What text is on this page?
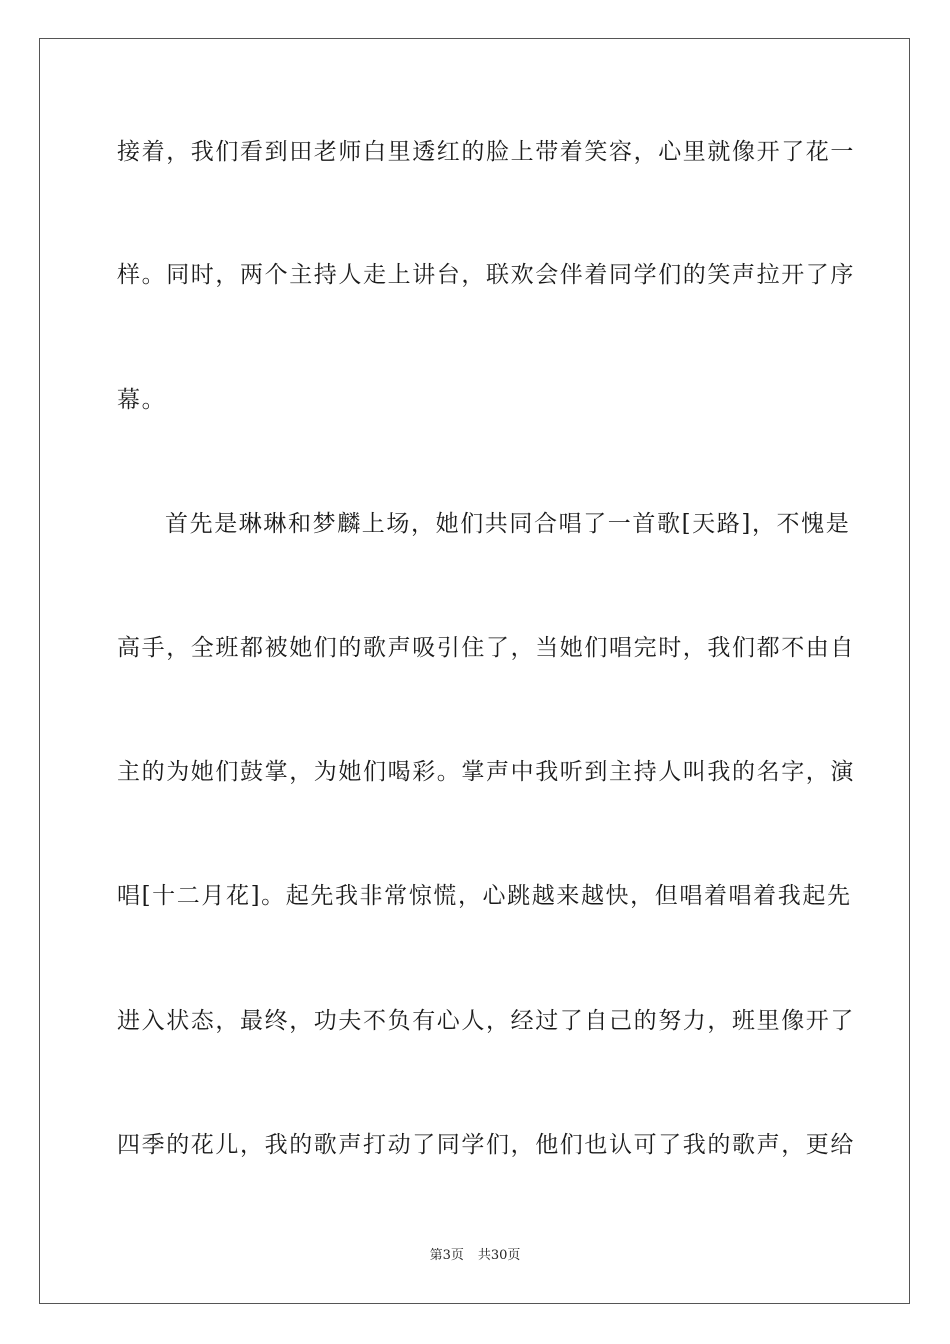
接着，我们看到田老师白里透红的脸上带着笑容，心里就像开了花一
样。同时，两个主持人走上讲台，联欢会伴着同学们的笑声拉开了序
幕。
首先是琳琳和梦麟上场，她们共同合唱了一首歌[天路]，不愧是
高手，全班都被她们的歌声吸引住了，当她们唱完时，我们都不由自
主的为她们鼓掌，为她们喝彩。掌声中我听到主持人叫我的名字，演
唱[十二月花]。起先我非常惊慌，心跳越来越快，但唱着唱着我起先
进入状态，最终，功夫不负有心人，经过了自己的努力，班里像开了
四季的花儿，我的歌声打动了同学们，他们也认可了我的歌声，更给
第3页 共30页
